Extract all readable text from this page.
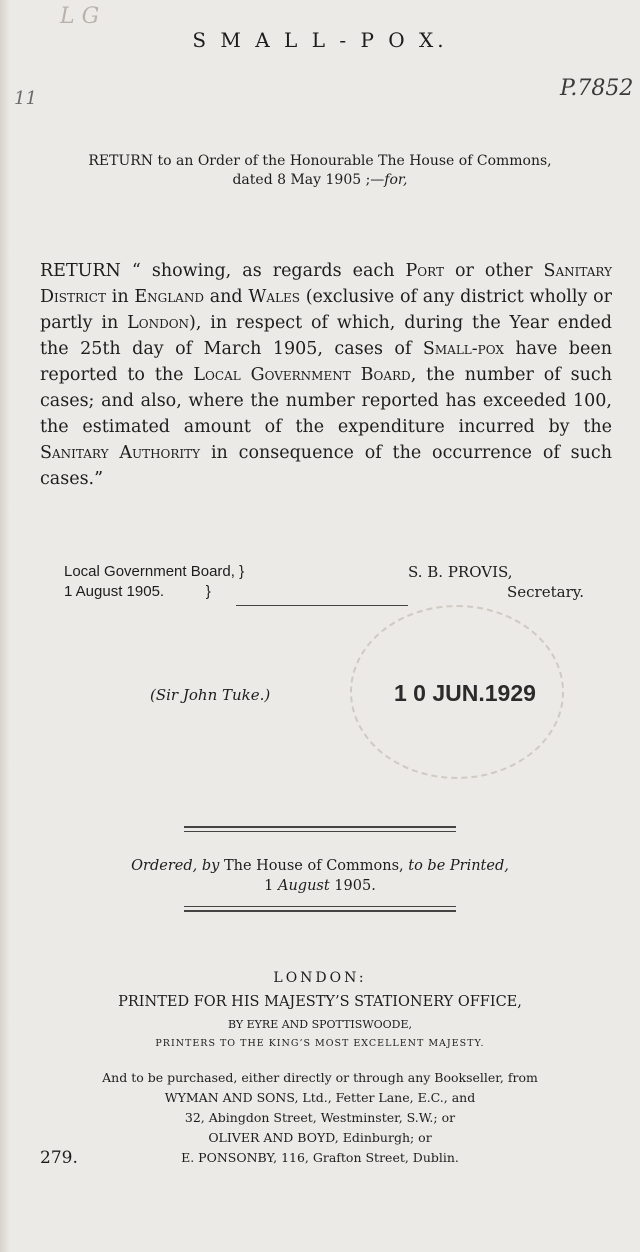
L G
S M A L L - P O X.
11	P.7852
RETURN to an Order of the Honourable The House of Commons,
dated 8 May 1905 ;—for,
RETURN “ showing, as regards each Port or other Sanitary District in England and Wales (exclusive of any district wholly or partly in London), in respect of which, during the Year ended the 25th day of March 1905, cases of Small-pox have been reported to the Local Government Board, the number of such cases; and also, where the number reported has exceeded 100, the estimated amount of the expenditure incurred by the Sanitary Authority in consequence of the occurrence of such cases.”
Local Government Board, }
1 August 1905.          }
S. B. PROVIS,
Secretary.
(Sir John Tuke.)	1 0 JUN.1929
Ordered, by The House of Commons, to be Printed,
1 August 1905.
LONDON:
PRINTED FOR HIS MAJESTY’S STATIONERY OFFICE,
BY EYRE AND SPOTTISWOODE,
PRINTERS TO THE KING’S MOST EXCELLENT MAJESTY.
And to be purchased, either directly or through any Bookseller, from
WYMAN AND SONS, Ltd., Fetter Lane, E.C., and
32, Abingdon Street, Westminster, S.W.; or
OLIVER AND BOYD, Edinburgh; or
E. PONSONBY, 116, Grafton Street, Dublin.
279.
